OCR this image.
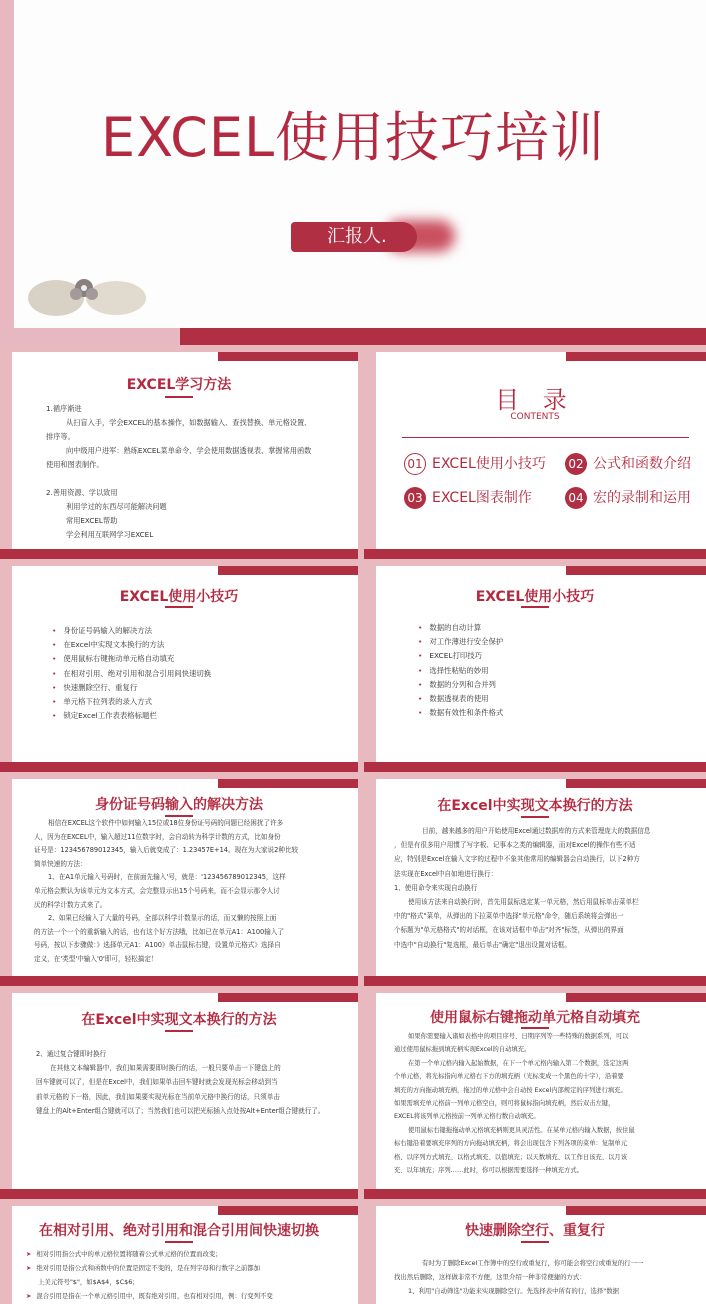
EXCEL使用技巧培训
汇报人.
EXCEL学习方法

1.循序渐进

从扫盲入手，学会EXCEL的基本操作，如数据输入、查找替换、单元格设置、

排序等。

向中级用户进军：熟练EXCEL菜单命令、学会使用数据透视表、掌握常用函数

使用和图表制作。

2.善用资源、学以致用

利用学过的东西尽可能解决问题

常用EXCEL帮助

学会利用互联网学习EXCEL

目 录
CONTENTS
01 EXCEL使用小技巧 02 公式和函数介绍
03 EXCEL图表制作	04 宏的录制和运用
EXCEL使用小技巧
• 身份证号码输入的解决方法
• 在Excel中实现文本换行的方法
• 使用鼠标右键拖动单元格自动填充
• 在相对引用、绝对引用和混合引用间快速切换
• 快速删除空行、重复行
• 单元格下拉列表的录入方式
• 锁定Excel工作表表格标题栏
EXCEL使用小技巧
• 数据的自动计算
• 对工作薄进行安全保护
• EXCEL打印技巧
• 选择性粘贴的妙用
• 数据的分列和合并列
• 数据透视表的使用
• 数据有效性和条件格式
身份证号码输入的解决方法

相信在EXCEL这个软件中如何输入15位或18位身份证号码的问题已经困扰了许多

人，因为在EXCEL中，输入超过11位数字时，会自动转为科学计数的方式，比如身份

证号是：123456789012345，输入后就变成了：1.23457E+14。现在为大家说2种比较

简单快速的方法：

1、在A1单元输入号码时，在前面先输入'号，就是：'123456789012345，这样

单元格会默认为该单元为文本方式，会完整显示出15个号码来，而不会显示那令人讨

厌的科学计数方式来了。

2、如果已经输入了大量的号码，全部以科学计数显示的话，而又懒的按照上面

的方法一个一个的重新输入的话，也有这个好方法哦，比如已在单元A1：A100输入了

号码，按以下步骤做：》选择单元A1：A100》单击鼠标右键，设置单元格式》选择自

定义，在'类型'中输入'0'即可，轻松搞定！

在Excel中实现文本换行的方法

目前，越来越多的用户开始使用Excel通过数据库的方式来管理庞大的数据信息

，但是有很多用户用惯了写字板、记事本之类的编辑器，而对Excel的操作有些不适

应，特别是Excel在输入文字的过程中不象其他常用的编辑器会自动换行，以下2种方

法实现在Excel中自如地进行换行：

1、使用命令来实现自动换行

使用该方法来自动换行时，首先用鼠标选定某一单元格，然后用鼠标单击菜单栏

中的"格式"菜单，从弹出的下拉菜单中选择"单元格"命令，随后系统将会弹出一

个标题为"单元格格式"的对话框，在该对话框中单击"对齐"标签，从弹出的界面

中选中"自动换行"复选框，最后单击"确定"退出设置对话框。

在Excel中实现文本换行的方法

2、通过复合键即时换行

在其他文本编辑器中，我们如果需要即时换行的话，一般只要单击一下键盘上的

回车键就可以了，但是在Excel中，我们如果单击回车键时就会发现光标会移动到当

前单元格的下一格，因此，我们如果要实现光标在当前单元格中换行的话，只须单击

键盘上的Alt+Enter组合键就可以了；当然我们也可以把光标插入点处按Alt+Enter组合键就行了。

使用鼠标右键拖动单元格自动填充

如果你需要输入诸如表格中的项目序号、日期序列等一些特殊的数据系列，可以

通过使用鼠标拖到填充柄实现Excel的自动填充。

在第一个单元格内输入起始数据，在下一个单元格内输入第二个数据，选定这两

个单元格，将光标指向单元格右下方的填充柄（光标变成一个黑色的十字），沿着要

填充的方向拖动填充柄，拖过的单元格中会自动按 Excel内部规定的序列进行填充。

如果需填充单元格前一列单元格空白，则可将鼠标指向填充柄，然后双击左键，

EXCEL将该列单元格按前一列单元格行数自动填充。

使用鼠标右键拖拖动单元格填充柄则更具灵活性。在某单元格内输入数据，按住鼠

标右键沿着要填充序列的方向拖动填充柄，将会出现包含下列各项的菜单：复制单元

格、以序列方式填充、以格式填充、以值填充；以天数填充、以工作日该充、以月该

充、以年填充；序列……此时，你可以根据需要选择一种填充方式。

在相对引用、绝对引用和混合引用间快速切换

➤ 相对引用指公式中的单元格位置将随着公式单元格的位置而改变；

➤ 绝对引用是指公式和函数中的位置是固定不变的，是在列字母和行数字之前都加

上美元符号"$"，如$A$4，$C$6；

➤ 混合引用是指在一个单元格引用中，既有绝对引用，也有相对引用，例：行变列不变

快速删除空行、重复行

有时为了删除Excel工作簿中的空行或重复行，你可能会将空行或重复的行一一

找出然后删除，这样做非常不方便，这里介绍一种非常便捷的方式：

1、利用"自动筛选"功能来实现删除空行。先选择表中所有的行，选择"数据
